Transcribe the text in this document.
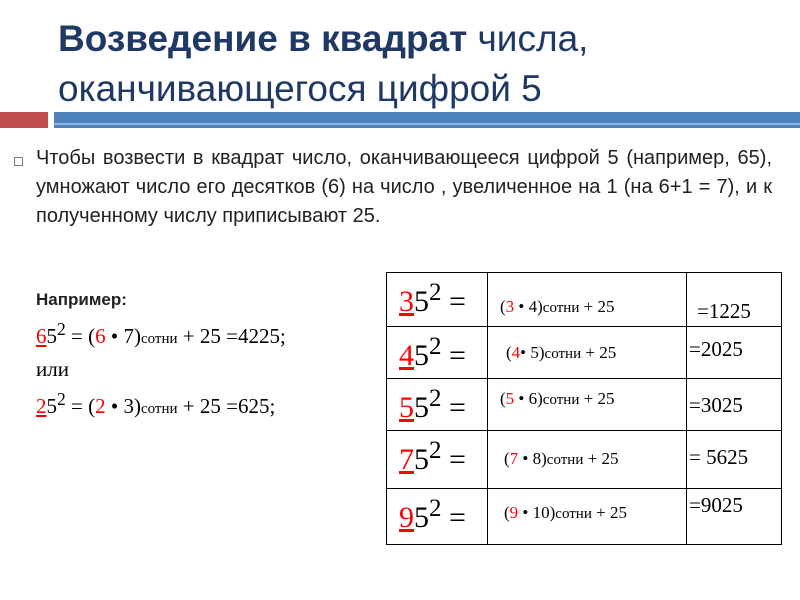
Возведение в квадрат числа,
оканчивающегося цифрой 5

Чтобы возвести в квадрат число, оканчивающееся цифрой 5 (например, 65), умножают число его десятков (6) на число , увеличенное на 1 (на 6+1 = 7), и к полученному числу приписывают 25.

Например:

$65^2 = (6$ • 7)сотни + 25 =4225;

или

$25^2 = (2$ • 3)сотни + 25 =625;

$35^2$ =	(3 • 4)сотни + 25	=1225

$45^2$ =	(4• 5)сотни + 25	=2025

$55^2$ =	(5 • 6)сотни + 25	=3025

$75^2$ =	(7 • 8)сотни + 25	= 5625

$95^2$ =	(9 • 10)сотни + 25	=9025
